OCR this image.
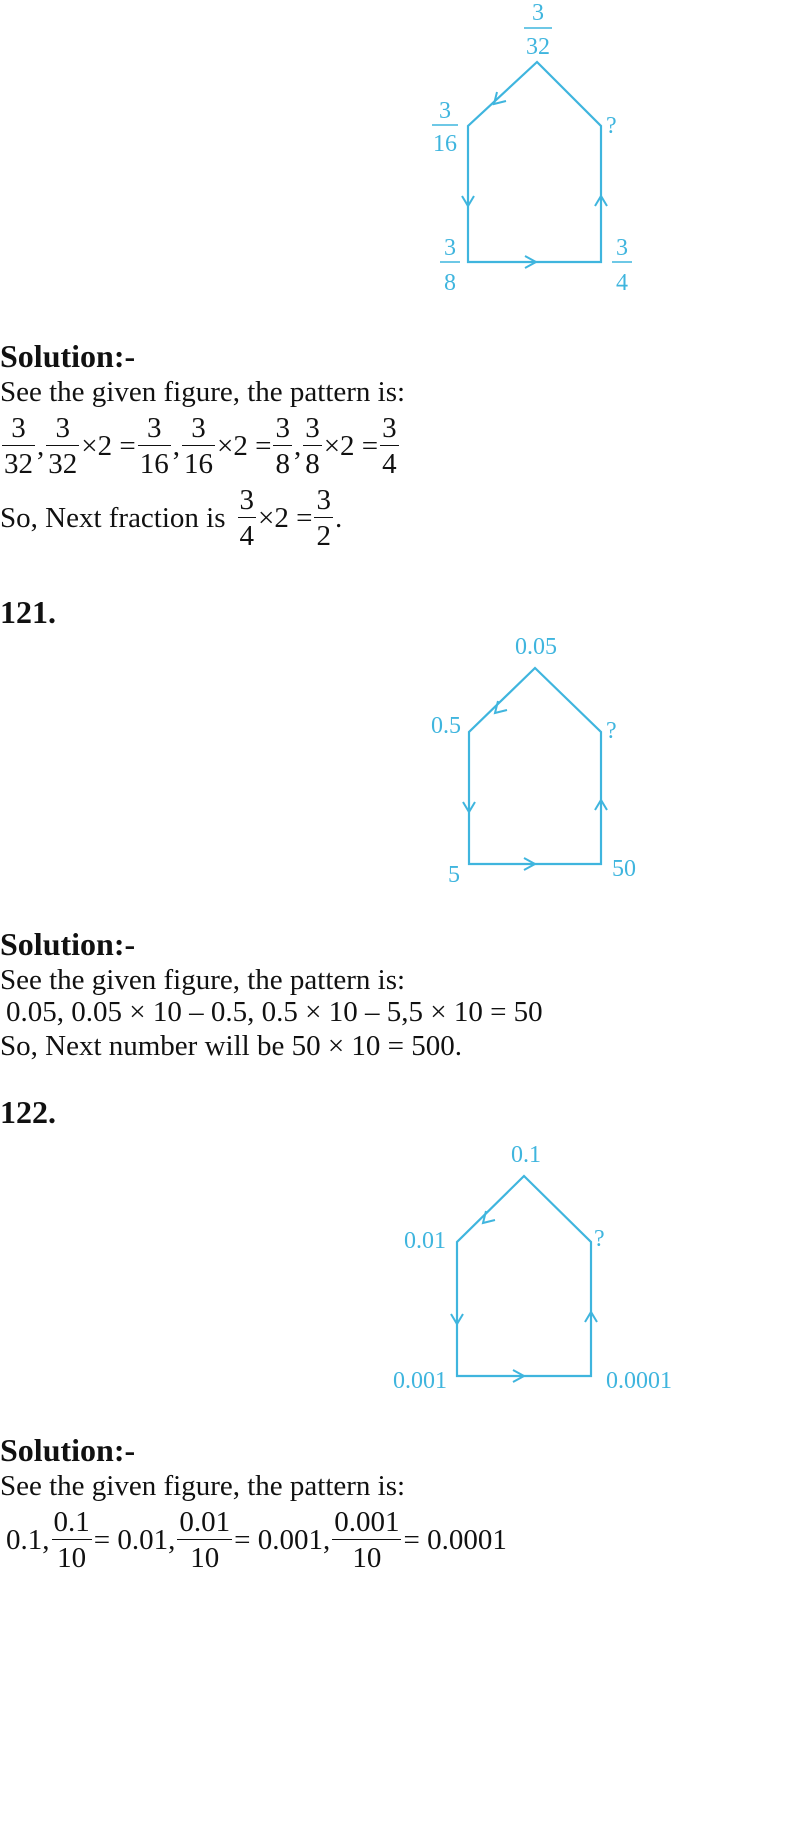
3
32
3
16
?
3
8
3
4
Solution:-
See the given figure, the pattern is:
$\frac{3}{32}$ , $\frac{3}{32} \times 2 = \frac{3}{16}$ , $\frac{3}{16} \times 2 = \frac{3}{8}$ , $\frac{3}{8} \times 2 = \frac{3}{4}$
So, Next fraction is $\frac{3}{4} \times 2 = \frac{3}{2}$ .
121.
0.05
0.5	?
5	50
Solution:-
See the given figure, the pattern is:
0.05, 0.05 × 10 – 0.5, 0.5 × 10 – 5,5 × 10 = 50
So, Next number will be 50 × 10 = 500.
122.
0.1
0.01	?
0.001	0.0001
Solution:-
See the given figure, the pattern is:
0.1, $\frac{0.1}{10} = 0.01$, $\frac{0.01}{10} = 0.001$, $\frac{0.001}{10} = 0.0001$
